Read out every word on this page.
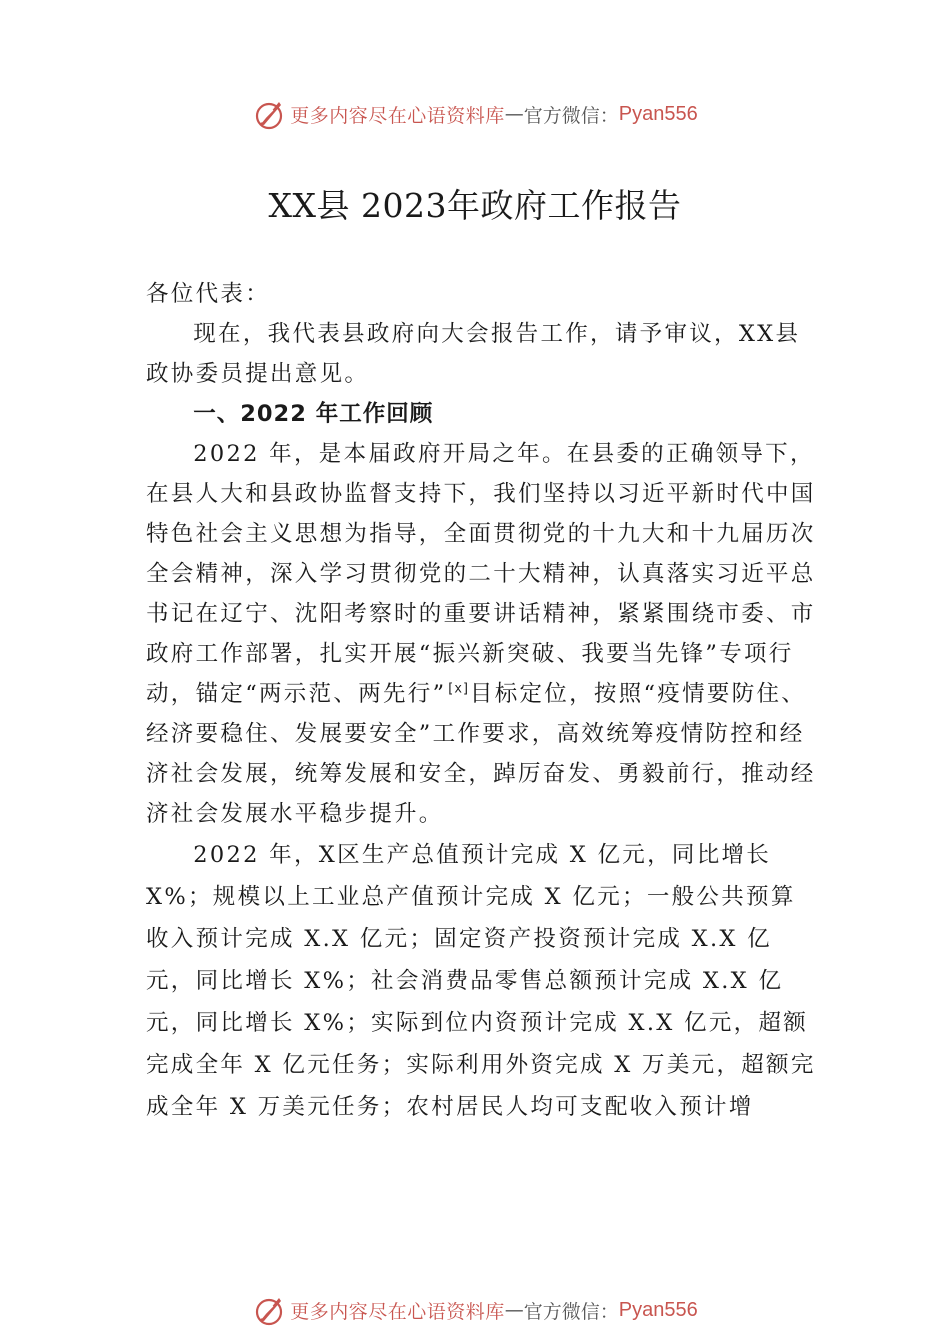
更多内容尽在心语资料库 — 官方微信： Pyan556
XX县 2023年政府工作报告

各位代表：

现在，我代表县政府向大会报告工作，请予审议，XX县政协委员提出意见。

一、2022 年工作回顾

2022 年，是本届政府开局之年。在县委的正确领导下，在县人大和县政协监督支持下，我们坚持以习近平新时代中国特色社会主义思想为指导，全面贯彻党的十九大和十九届历次全会精神，深入学习贯彻党的二十大精神，认真落实习近平总书记在辽宁、沈阳考察时的重要讲话精神，紧紧围绕市委、市政府工作部署，扎实开展“振兴新突破、我要当先锋”专项行动，锚定“两示范、两先行”[x]目标定位，按照“疫情要防住、经济要稳住、发展要安全”工作要求，高效统筹疫情防控和经济社会发展，统筹发展和安全，踔厉奋发、勇毅前行，推动经济社会发展水平稳步提升。

2022 年，X区生产总值预计完成 X 亿元，同比增长 X%；规模以上工业总产值预计完成 X 亿元；一般公共预算收入预计完成 X.X 亿元；固定资产投资预计完成 X.X 亿元，同比增长 X%；社会消费品零售总额预计完成 X.X 亿元，同比增长 X%；实际到位内资预计完成 X.X 亿元，超额完成全年 X 亿元任务；实际利用外资完成 X 万美元，超额完成全年 X 万美元任务；农村居民人均可支配收入预计增

更多内容尽在心语资料库 — 官方微信： Pyan556
